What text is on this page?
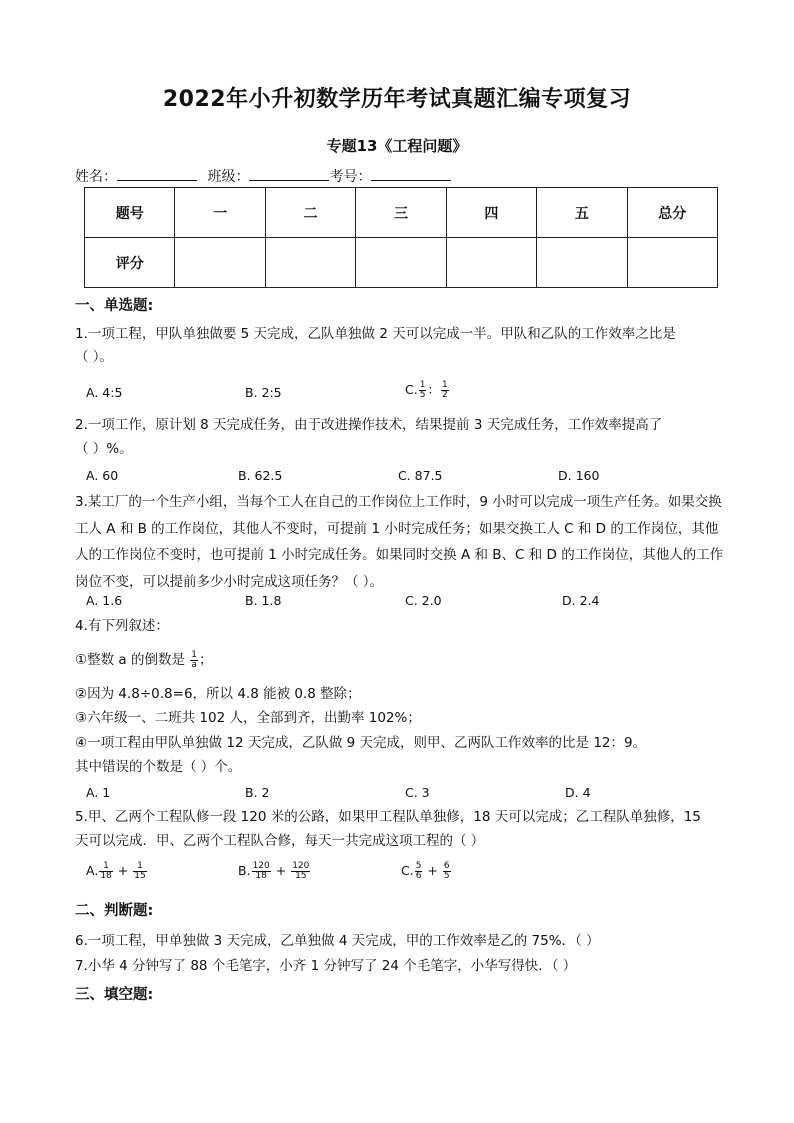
2022年小升初数学历年考试真题汇编专项复习
专题13《工程问题》
姓名：	班级：	考号：
题号	一	二	三	四	五	总分
评分						
一、单选题:
1.一项工程，甲队单独做要 5 天完成，乙队单独做 2 天可以完成一半。甲队和乙队的工作效率之比是
（ ）。
A. 4:5	B. 2:5	C. $\frac{1}{5}$ ： $\frac{1}{2}$
2.一项工作，原计划 8 天完成任务，由于改进操作技术，结果提前 3 天完成任务，工作效率提高了
（ ）%。
A. 60	B. 62.5	C. 87.5	D. 160
3.某工厂的一个生产小组，当每个工人在自己的工作岗位上工作时，9 小时可以完成一项生产任务。如果交换工人 A 和 B 的工作岗位，其他人不变时，可提前 1 小时完成任务；如果交换工人 C 和 D 的工作岗位，其他人的工作岗位不变时，也可提前 1 小时完成任务。如果同时交换 A 和 B、C 和 D 的工作岗位，其他人的工作岗位不变，可以提前多少小时完成这项任务？（ ）。
A. 1.6	B. 1.8	C. 2.0	D. 2.4
4.有下列叙述：
①整数 a 的倒数是 $\frac{1}{a}$ ；
②因为 4.8÷0.8=6，所以 4.8 能被 0.8 整除；
③六年级一、二班共 102 人，全部到齐，出勤率 102%；
④一项工程由甲队单独做 12 天完成，乙队做 9 天完成，则甲、乙两队工作效率的比是 12：9。
其中错误的个数是（ ）个。
A. 1	B. 2	C. 3	D. 4
5.甲、乙两个工程队修一段 120 米的公路，如果甲工程队单独修，18 天可以完成；乙工程队单独修，15
天可以完成．甲、乙两个工程队合修，每天一共完成这项工程的（ ）
A. $\frac{1}{18} + \frac{1}{15}$	B. $\frac{120}{18} + \frac{120}{15}$	C. $\frac{5}{6} + \frac{6}{5}$
二、判断题:
6.一项工程，甲单独做 3 天完成，乙单独做 4 天完成，甲的工作效率是乙的 75%．（ ）
7.小华 4 分钟写了 88 个毛笔字，小齐 1 分钟写了 24 个毛笔字，小华写得快．（ ）
三、填空题:
